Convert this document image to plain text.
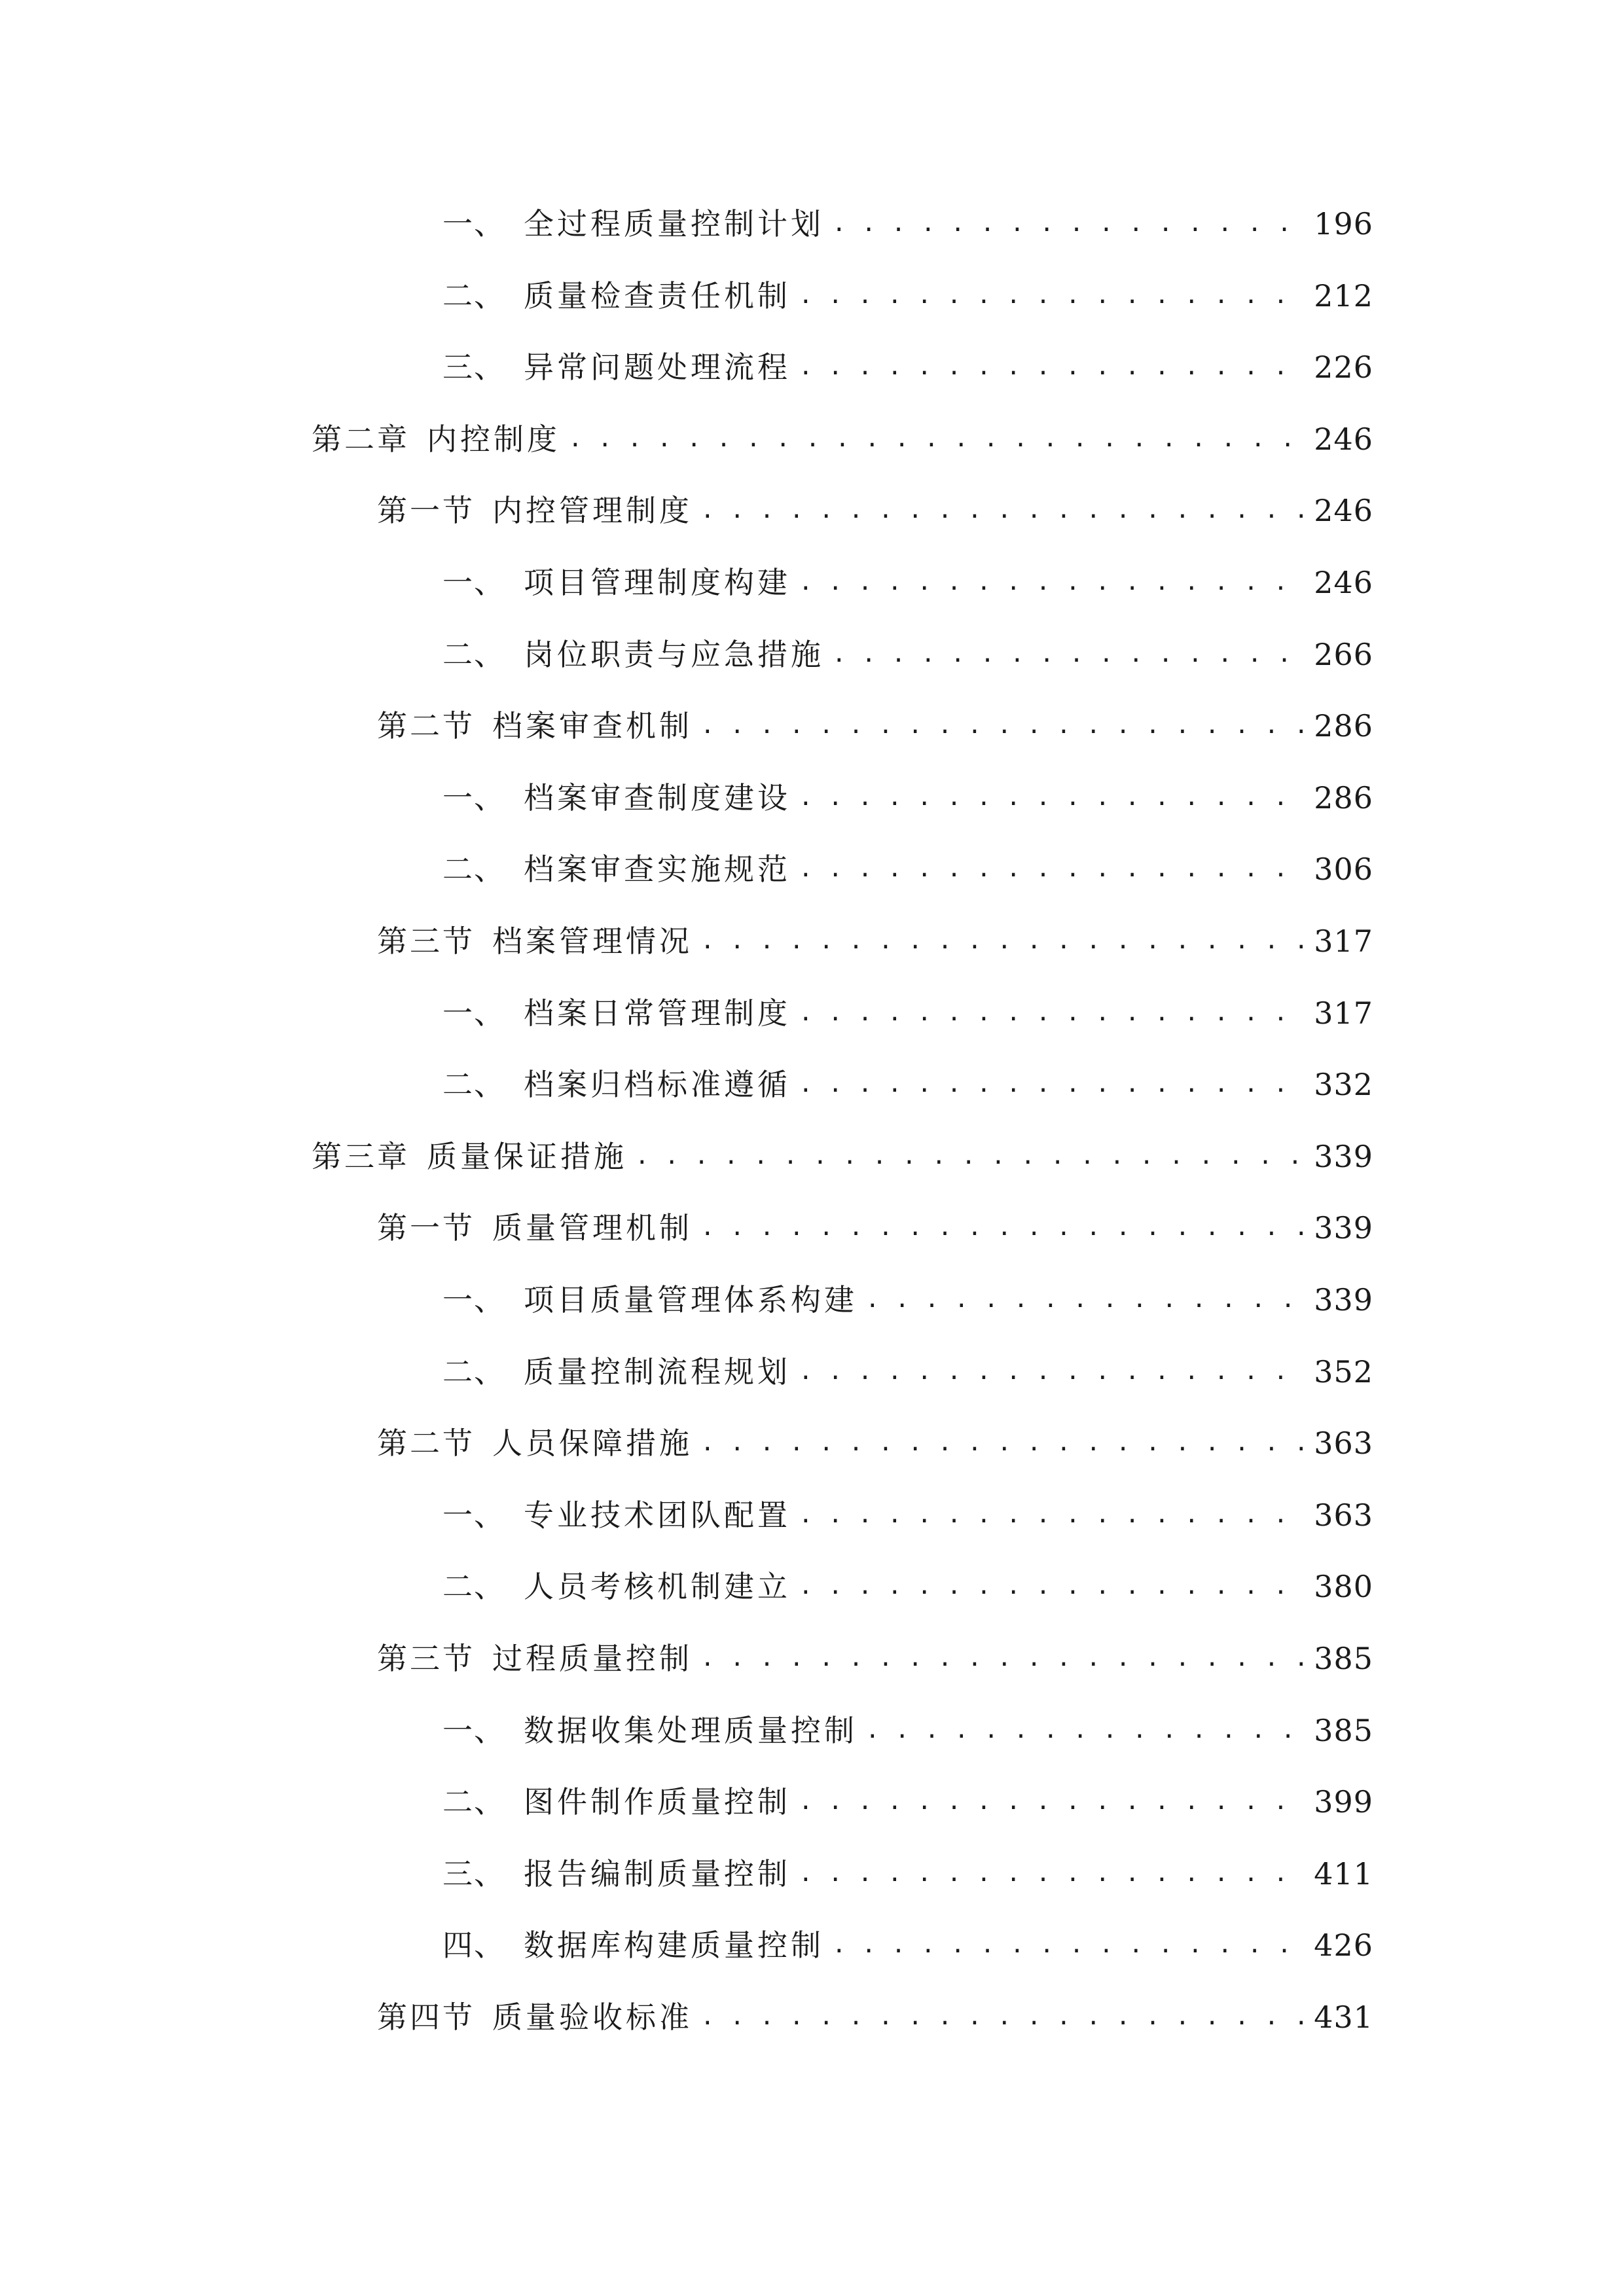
一、 全过程质量控制计划 . . .	196
二、 质量检查责任机制 . . .	212
三、 异常问题处理流程 . . .	226
第二章 内控制度 . . .	246
第一节 内控管理制度 . . .	246
一、 项目管理制度构建 . . .	246
二、 岗位职责与应急措施 . . .	266
第二节 档案审查机制 . . .	286
一、 档案审查制度建设 . . .	286
二、 档案审查实施规范 . . .	306
第三节 档案管理情况 . . .	317
一、 档案日常管理制度 . . .	317
二、 档案归档标准遵循 . . .	332
第三章 质量保证措施 . . .	339
第一节 质量管理机制 . . .	339
一、 项目质量管理体系构建 . . .	339
二、 质量控制流程规划 . . .	352
第二节 人员保障措施 . . .	363
一、 专业技术团队配置 . . .	363
二、 人员考核机制建立 . . .	380
第三节 过程质量控制 . . .	385
一、 数据收集处理质量控制 . . .	385
二、 图件制作质量控制 . . .	399
三、 报告编制质量控制 . . .	411
四、 数据库构建质量控制 . . .	426
第四节 质量验收标准 . . .	431
